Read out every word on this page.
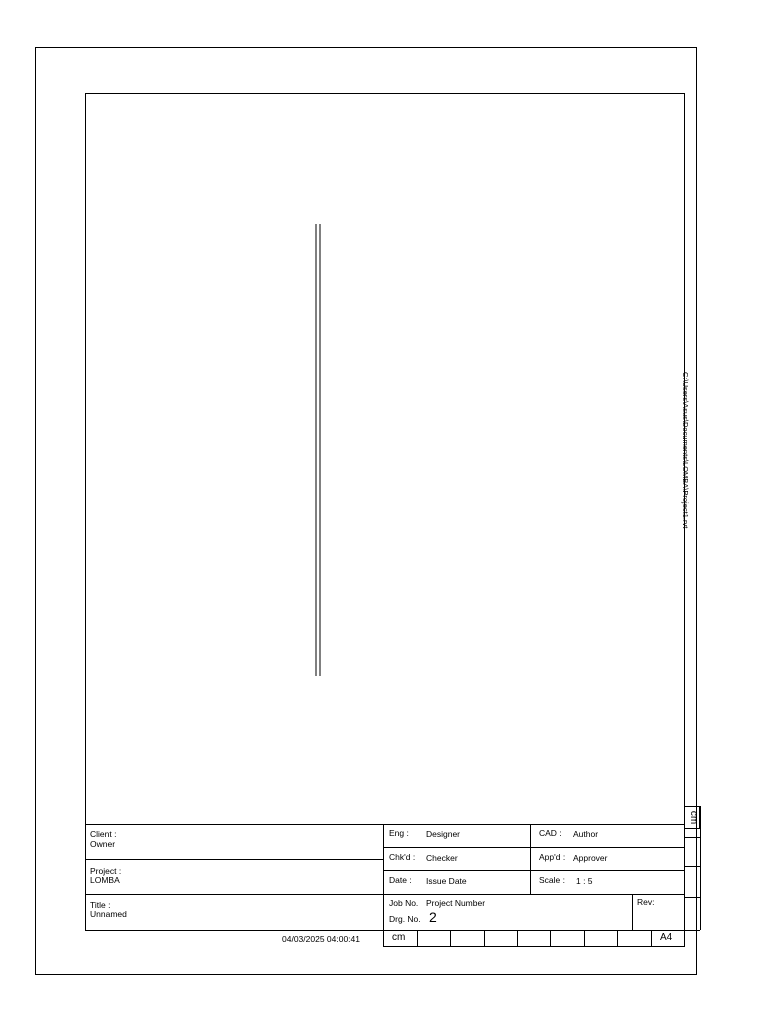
C:\Users\Asus\Documents\LOMBA\Project1.rvt
cm
Client :
Owner
Project :
LOMBA
Title :
Unnamed
Eng : Designer	CAD : Author
Chk'd : Checker	App'd : Approver
Date : Issue Date	Scale : 1 : 5
Job No. Project Number
Drg. No. 2
Rev:
04/03/2025 04:00:41	cm	A4
